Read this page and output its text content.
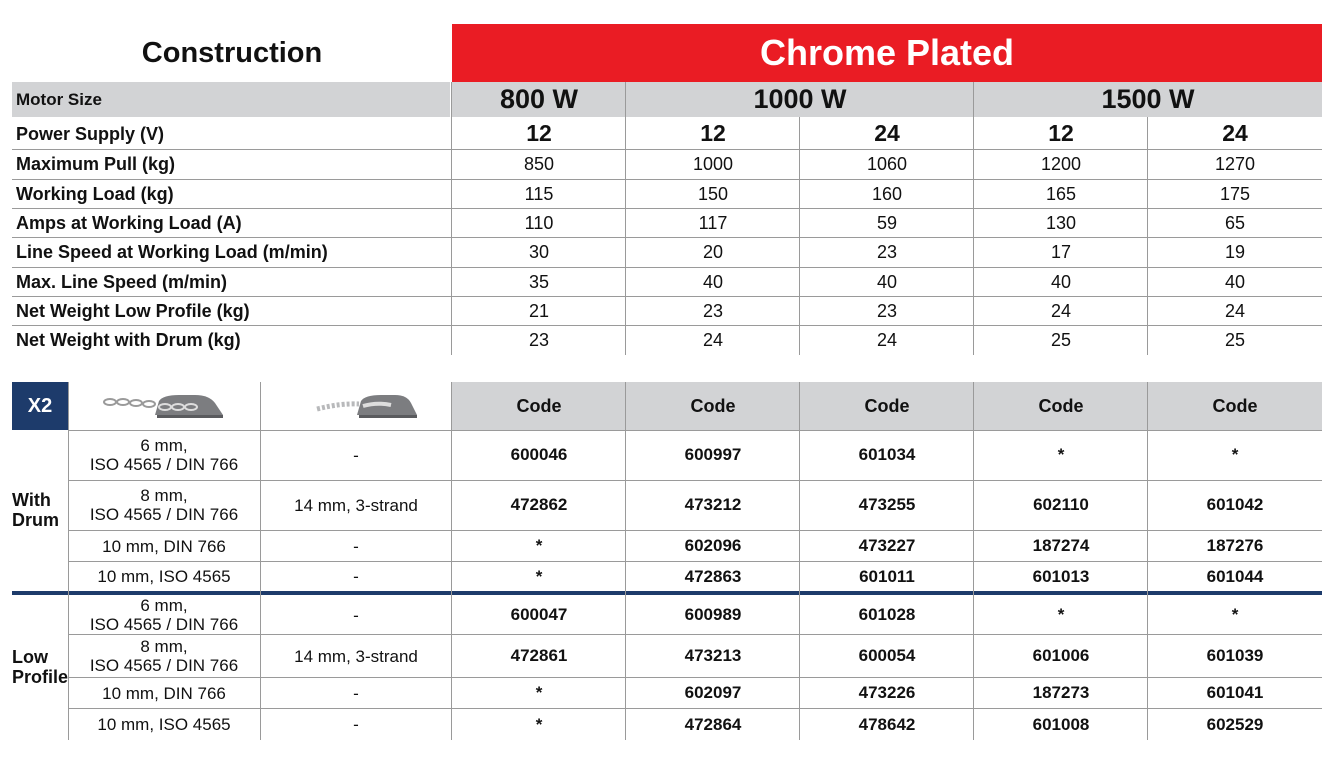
Construction	Chrome Plated
Motor Size	800 W	1000 W	1500 W
Power Supply (V)	12	12	24	12	24
Maximum Pull (kg)	850	1000	1060	1200	1270
Working Load (kg)	115	150	160	165	175
Amps at Working Load (A)	110	117	59	130	65
Line Speed at Working Load (m/min)	30	20	23	17	19
Max. Line Speed (m/min)	35	40	40	40	40
Net Weight Low Profile (kg)	21	23	23	24	24
Net Weight with Drum (kg)	23	24	24	25	25
X2	Code	Code	Code	Code	Code
With Drum
6 mm,
ISO 4565 / DIN 766	-	600046	600997	601034	*	*
8 mm,
ISO 4565 / DIN 766	14 mm, 3-strand	472862	473212	473255	602110	601042
10 mm, DIN 766	-	*	602096	473227	187274	187276
10 mm, ISO 4565	-	*	472863	601011	601013	601044
Low Profile
6 mm,
ISO 4565 / DIN 766	-	600047	600989	601028	*	*
8 mm,
ISO 4565 / DIN 766	14 mm, 3-strand	472861	473213	600054	601006	601039
10 mm, DIN 766	-	*	602097	473226	187273	601041
10 mm, ISO 4565	-	*	472864	478642	601008	602529
